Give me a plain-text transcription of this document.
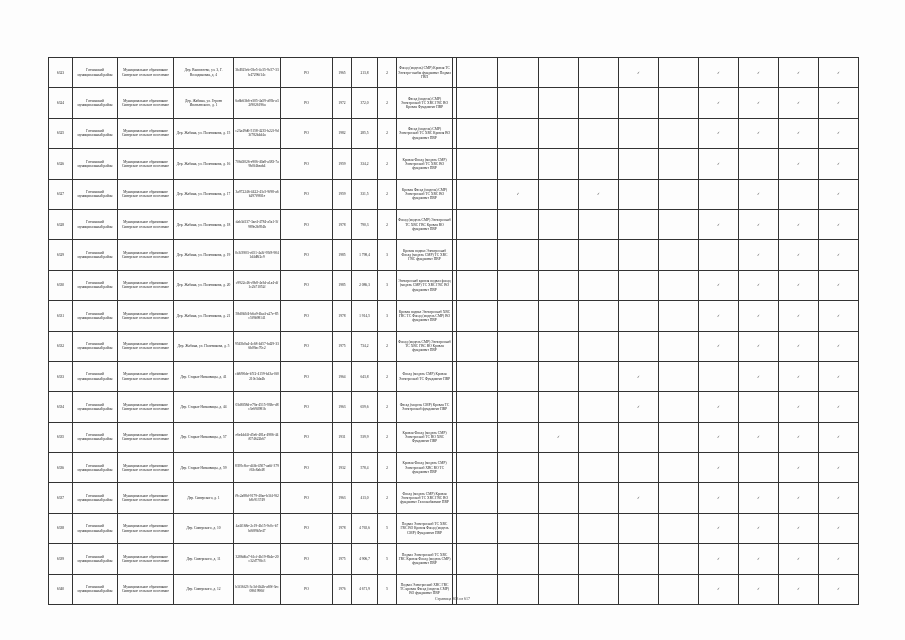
6323	Гатчинский муниципальный район	Муниципальное образование Сиверское сельское поселение	Дер. Выппелево, ул. 3, Г. Володиновая, д. 4	3b4925eb-03e5-4c35-9c57-33b47296f14c	РО	1965	213,8	2	Фасад (модель) СМР) Кровля ТС Электро-снабж фундамент Подвал ГВП						✓		✓	✓	✓	✓
6324	Гатчинский муниципальный район	Муниципальное образование Сиверское сельское поселение	Дер. Жабина, ул. Героев Ипатьевского, д. 1	6a6b63b6-e305-4a59-a95b-a32f9026196a	РО	1972	372,0	2	Фасад (модель) СМР) Электроснаб ТС ХВС ГВС ВО Кровля Фундамент ПВР								✓	✓	✓	✓
6325	Гатчинский муниципальный район	Муниципальное образование Сиверское сельское поселение	Дер. Жабина, ул. Полевикова, д. 15	c23a49d6-5158-4235-b22f-9d3f782b4d4a	РО	1982	285,5	2	Фасад (модель) СМР) Электроснаб ТС ХВС Кровля ВО фундамент ПВР								✓	✓	✓	✓
6326	Гатчинский муниципальный район	Муниципальное образование Сиверское сельское поселение	Дер. Жабина, ул. Полевикова, д. 16	706d3026-e906-40a8-a383-7a9b0f4beab4	РО	1959	334,2	2	Кровля Фасад (модель СМР) Электроснаб ТС ХВС ВО фундамент ПВР								✓		✓	✓
6327	Гатчинский муниципальный район	Муниципальное образование Сиверское сельское поселение	Дер. Жабина, ул. Полевикова, д. 17	3a972246-4422-43c5-9f98-a6b297f98f1e	РО	1959	331,5	2	Кровля Фасад (модель) СМР) Электроснаб ТС ХВС ВО фундамент ПВР			✓		✓				✓		✓
6328	Гатчинский муниципальный район	Муниципальное образование Сиверское сельское поселение	Дер. Жабина, ул. Полевикова, д. 18	dab3d137-3ae4-4784-a5a1-5f989e2b954b	РО	1978	790,3	2	Фасад (модель СМР) Электроснаб ТС ХВС ГВС Кровля ВО фундамент ПВР								✓	✓	✓	✓
6329	Гатчинский муниципальный район	Муниципальное образование Сиверское сельское поселение	Дер. Жабина, ул. Полевикова, д. 19	0c3f3903-c651-4a3f-95f8-9041d4d8f2c9	РО	1985	1 798,4	3	Кровля подвал Электроснаб Фасад (модель СМР) ТС ХВС ГВС фундамент ПВР									✓	✓	✓
6330	Гатчинский муниципальный район	Муниципальное образование Сиверское сельское поселение	Дер. Жабина, ул. Полевикова, д. 20	c9922c46-c9b8-4e3d-a1a4-df1c2b71052f	РО	1985	2 086,3	3	Электроснаб кровля подвал фасад (модель СМР) ТС ХВС ГВС ВО фундамент ПВР								✓	✓	✓	✓
6331	Гатчинский муниципальный район	Муниципальное образование Сиверское сельское поселение	Дер. Жабина, ул. Полевикова, д. 21	58d0b5f4-b6a9-4ba4-a27e-85c5f9b98141	РО	1978	1 914,5	3	Кровля подвал Электроснаб ХВС ГВС ТС Фасад (модель СМР) ВО фундамент ПВР								✓	✓	✓	✓
6332	Гатчинский муниципальный район	Муниципальное образование Сиверское сельское поселение	Дер. Жабина, ул. Полевикова, д. 5	9545b0a4-4c68-4d57-bd29-336b09ac70c2	РО	1975	734,2	2	Фасад (модель СМР) Электроснаб ТС ХВС ГВС ВО Кровля фундамент ПВР								✓	✓	✓	✓
6333	Гатчинский муниципальный район	Муниципальное образование Сиверское сельское поселение	Дер. Старые Низковицы, д. 41	cb8f90de-b7f2-4159-b43a-0f0210c3da4b	РО	1964	643,8	2	Фасад (модель СМР) Кровля Электроснаб ТС Фундамент ПВР						✓			✓	✓	✓
6334	Гатчинский муниципальный район	Муниципальное образование Сиверское сельское поселение	Дер. Старые Низковицы, д. 44	03d8f58d-e79a-4515-938e-d8c3e694981b	РО	1963	659,6	2	Фасад (модель СМР) Кровля ТС Электроснаб фундамент ПВР						✓		✓		✓	✓
6335	Гатчинский муниципальный район	Муниципальное образование Сиверское сельское поселение	Дер. Старые Низковицы, д. 57	e6e4dd4f-d5e6-481a-4986-44f074622b67	РО	1931	539,9	2	Кровля Фасад (модель СМР) Электроснаб ТС ВО ХВС Фундамент ПВР				✓				✓	✓	✓	✓
6336	Гатчинский муниципальный район	Муниципальное образование Сиверское сельское поселение	Дер. Старые Низковицы, д. 59	8395c8ce-d4fb-4507-aa6f-379f63c8ab48	РО	1932	578,4	2	Кровля Фасад (модель СМР) Электроснаб ХВС ВО ТС фундамент ПВР								✓		✓	✓
6337	Гатчинский муниципальный район	Муниципальное образование Сиверское сельское поселение	Дер. Сиверского, д. 1	f9c2a88d-9179-40ae-b3f4-9f2b8c913749	РО	1963	413,0	2	Фасад (модель СМР) Кровля Электроснаб ТС ХВС ГВС ВО фундамент Газоснабжение ПВР						✓		✓	✓	✓	✓
6338	Гатчинский муниципальный район	Муниципальное образование Сиверское сельское поселение	Дер. Сиверского, д. 10	4a4f168e-2c19-4b15-9c0c-b7bf689b5e47	РО	1978	4 765,6	5	Подвал Электроснаб ТС ХВС ГВС ВО Кровля Фасад (модель СМР) Фундамент ПВР								✓	✓	✓	✓
6339	Гатчинский муниципальный район	Муниципальное образование Сиверское сельское поселение	Дер. Сиверского, д. 11	3286d6a7-61cf-4b19-8b4e-20c32d778fc3	РО	1975	4 906,7	5	Подвал Электроснаб ТС ХВС ГВС Кровля Фасад (модель СМР) фундамент ПВР								✓	✓	✓	✓
6340	Гатчинский муниципальный район	Муниципальное образование Сиверское сельское поселение	Дер. Сиверского, д. 12	b3f36f23-3c3d-4b2b-a69f-3ec0861990ff	РО	1976	4 671,9	5	Подвал Электроснаб ХВС ГВС ТС кровля Фасад (модель СМР) ВО фундамент ПВР								✓	✓	✓	✓
Страница 303 из 617
